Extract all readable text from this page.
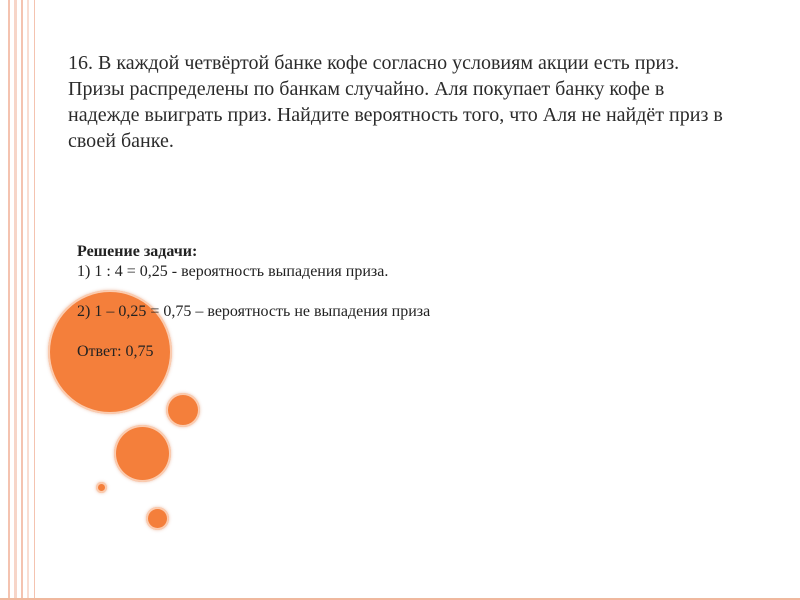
16. В каждой четвёртой банке кофе согласно условиям акции есть приз. Призы распределены по банкам случайно. Аля покупает банку кофе в надежде выиграть приз. Найдите вероятность того, что Аля не найдёт приз в своей банке.
Решение задачи:
1) 1 : 4 = 0,25 - вероятность выпадения приза.
2) 1 – 0,25 = 0,75 – вероятность не выпадения приза
Ответ: 0,75
